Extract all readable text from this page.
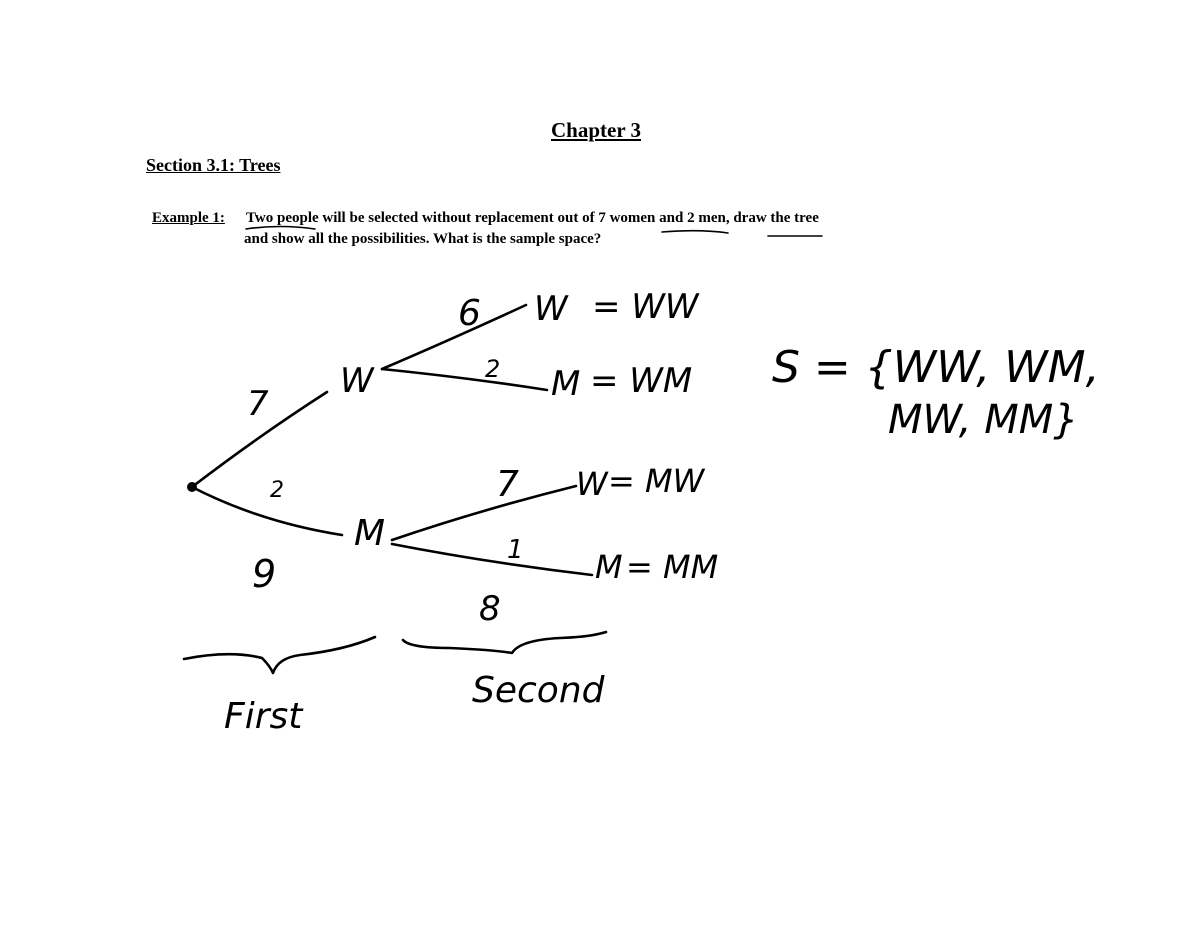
Chapter 3
Section 3.1: Trees
Example 1: Two people will be selected without replacement out of 7 women and 2 men, draw the tree
and show all the possibilities. What is the sample space?
7
2
9
6
2
7
1
8
W
M
W
M
W
M
= WW
= WM
= MW
= MM
First
Second
S = {WW, WM,
MW, MM}
